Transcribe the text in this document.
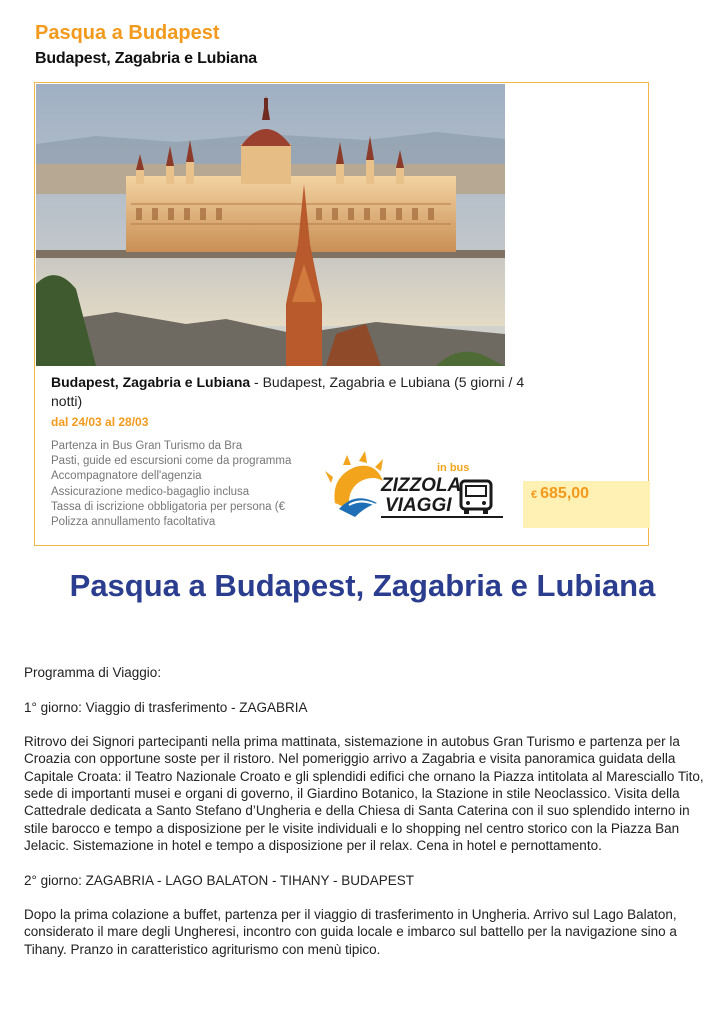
Pasqua a Budapest
Budapest, Zagabria e Lubiana
Budapest, Zagabria e Lubiana - Budapest, Zagabria e Lubiana (5 giorni / 4 notti)
dal 24/03 al 28/03
Partenza in Bus Gran Turismo da Bra
Pasti, guide ed escursioni come da programma
Accompagnatore dell'agenzia
Assicurazione medico-bagaglio inclusa
Tassa di iscrizione obbligatoria per persona (€
Polizza annullamento facoltativa
in bus
ZIZZOLA
VIAGGI	€ 685,00
Pasqua a Budapest, Zagabria e Lubiana

Programma di Viaggio:

1° giorno: Viaggio di trasferimento - ZAGABRIA

Ritrovo dei Signori partecipanti nella prima mattinata, sistemazione in autobus Gran Turismo e partenza per la Croazia con opportune soste per il ristoro. Nel pomeriggio arrivo a Zagabria e visita panoramica guidata della Capitale Croata: il Teatro Nazionale Croato e gli splendidi edifici che ornano la Piazza intitolata al Maresciallo Tito, sede di importanti musei e organi di governo, il Giardino Botanico, la Stazione in stile Neoclassico. Visita della Cattedrale dedicata a Santo Stefano d’Ungheria e della Chiesa di Santa Caterina con il suo splendido interno in stile barocco e tempo a disposizione per le visite individuali e lo shopping nel centro storico con la Piazza Ban Jelacic. Sistemazione in hotel e tempo a disposizione per il relax. Cena in hotel e pernottamento.

2° giorno: ZAGABRIA - LAGO BALATON - TIHANY - BUDAPEST

Dopo la prima colazione a buffet, partenza per il viaggio di trasferimento in Ungheria. Arrivo sul Lago Balaton, considerato il mare degli Ungheresi, incontro con guida locale e imbarco sul battello per la navigazione sino a Tihany. Pranzo in caratteristico agriturismo con menù tipico.
